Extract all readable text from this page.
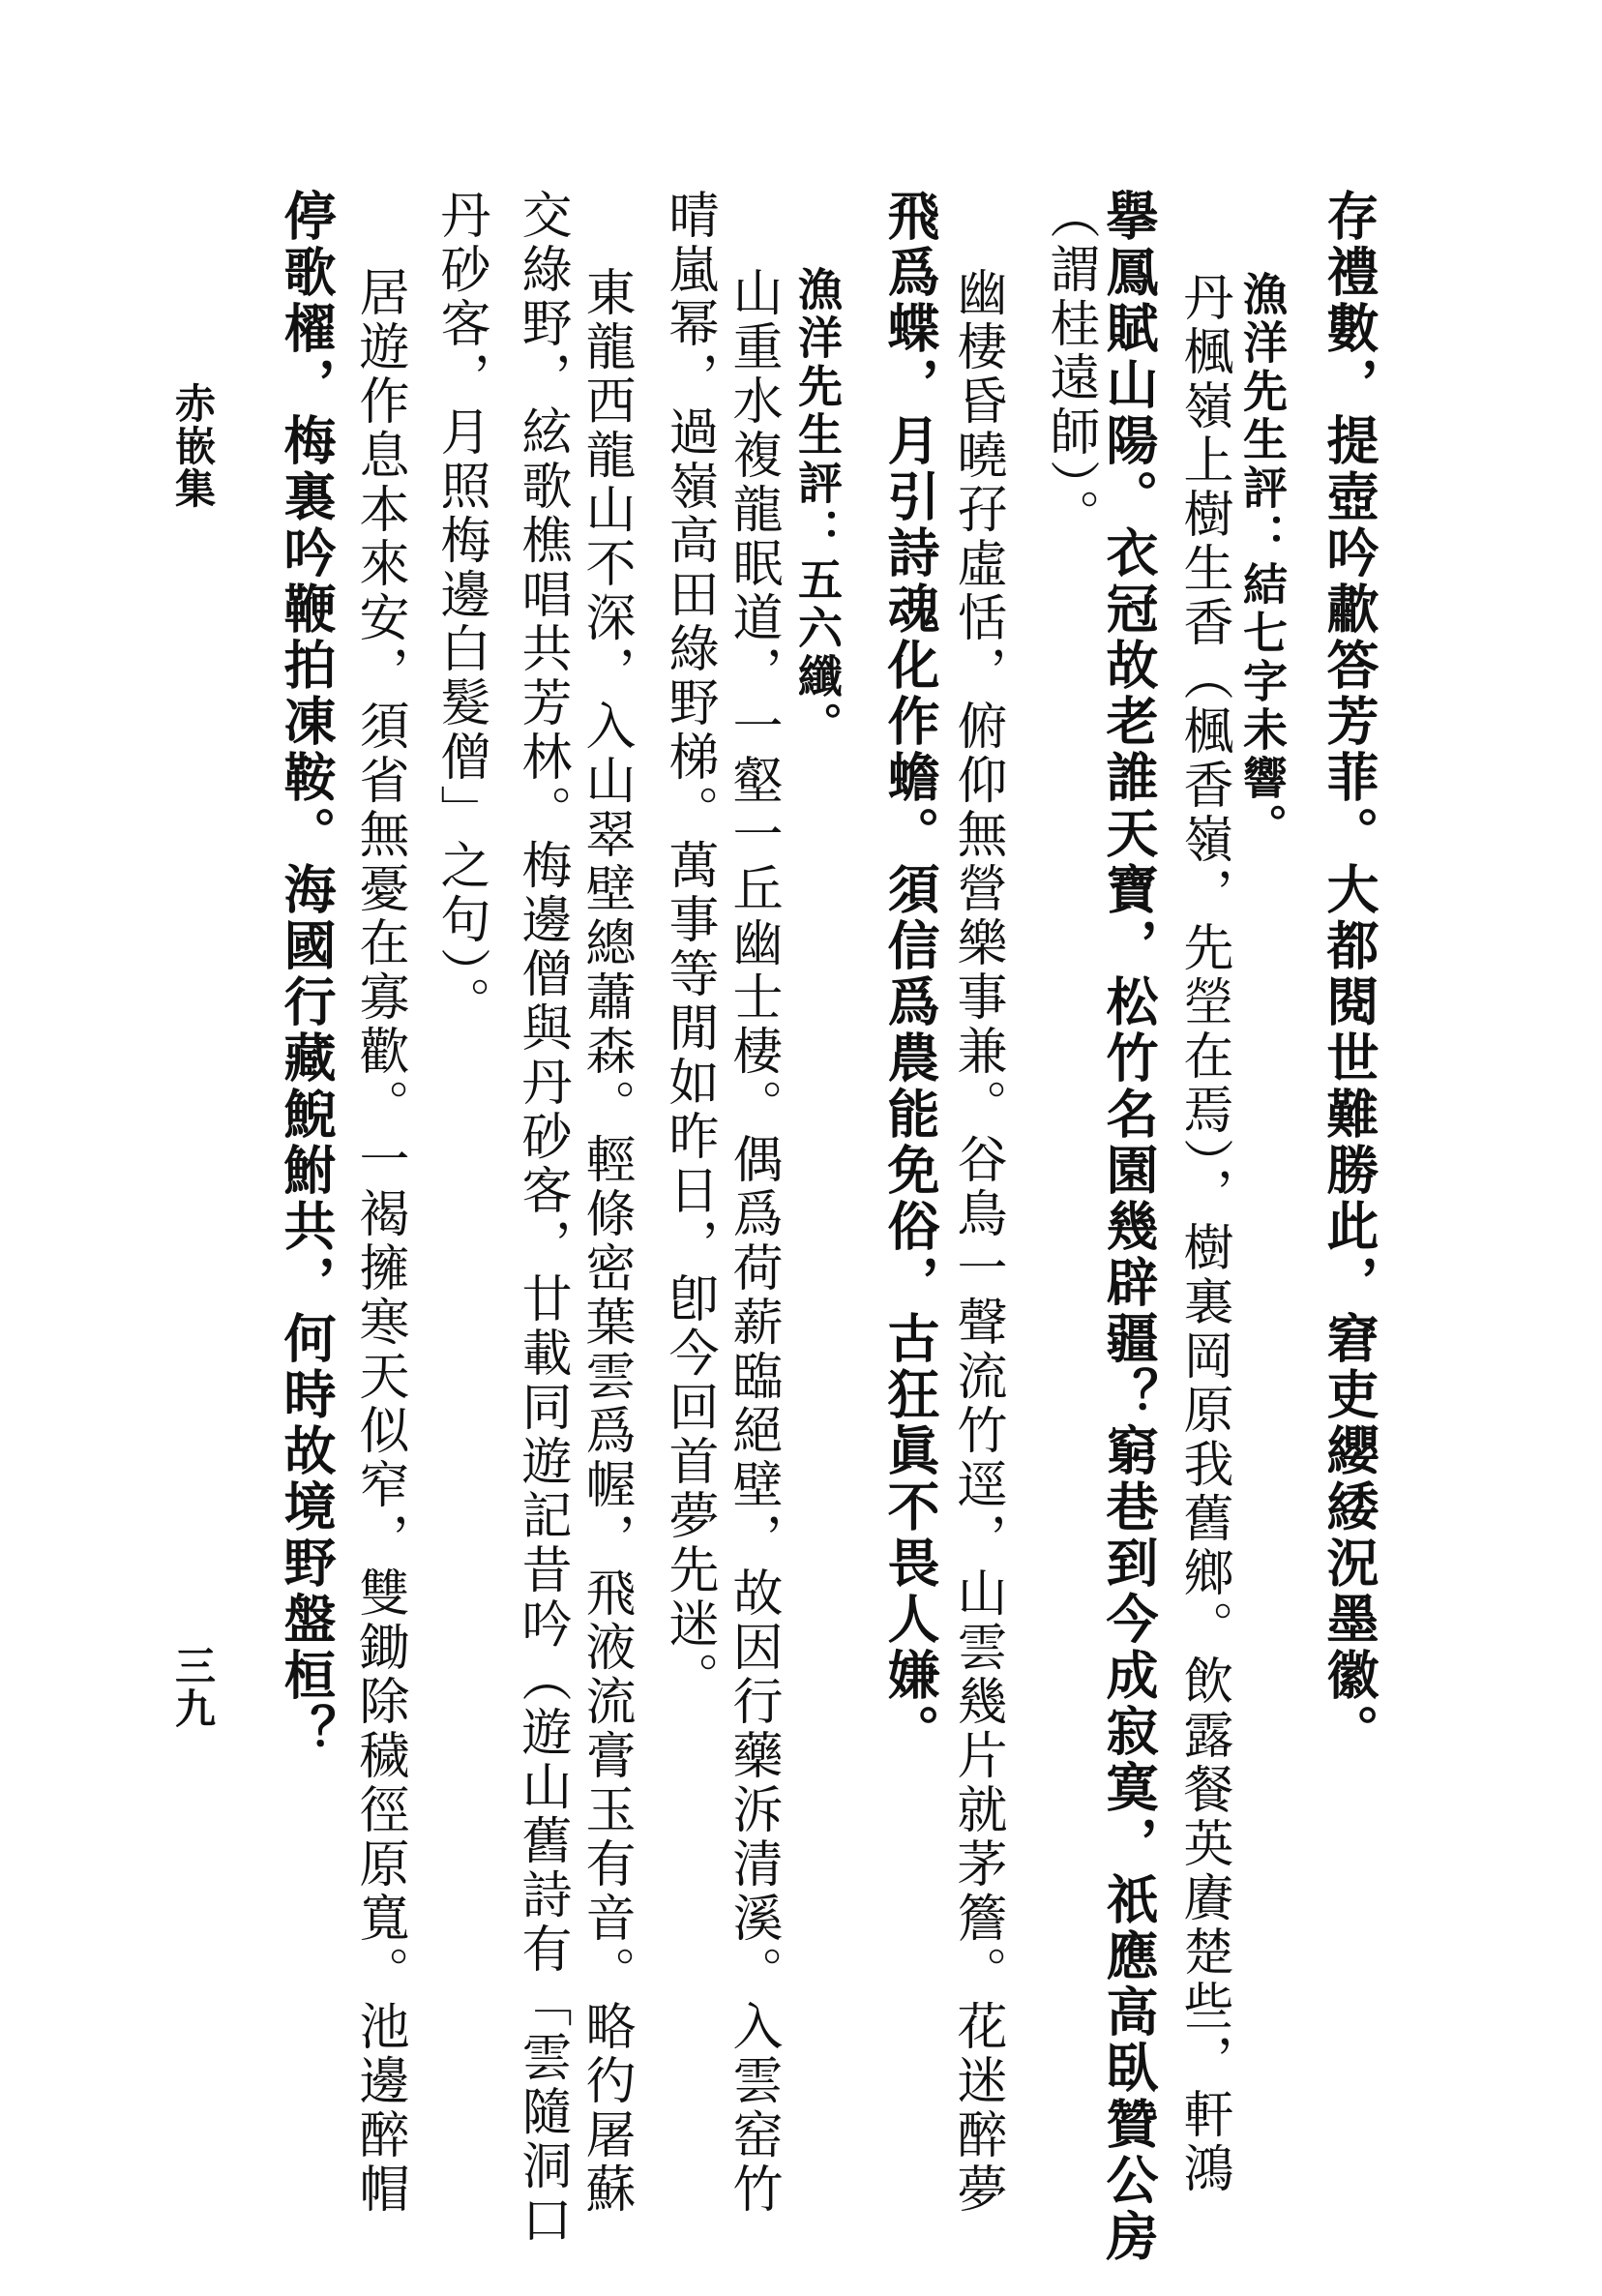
存禮數，提壺吟歗答芳菲。大都閱世難勝此，窘吏纓緌況墨徽。
漁洋先生評：結七字未響。
丹楓嶺上樹生香（楓香嶺，先塋在焉），樹裏岡原我舊鄉。飲露餐英賡楚些，軒鴻
擧鳳賦山陽。衣冠故老誰天寶，松竹名園幾辟疆？窮巷到今成寂寞，祇應高臥贊公房
（謂桂遠師）。
幽棲昏曉孖虛恬，俯仰無營樂事兼。谷鳥一聲流竹逕，山雲幾片就茅簷。花迷醉夢
飛爲蝶，月引詩魂化作蟾。須信爲農能免俗，古狂眞不畏人嫌。
漁洋先生評：五六纖。
山重水複龍眠道，一壑一丘幽士棲。偶爲荷薪臨絕壁，故因行藥泝清溪。入雲窑竹
晴嵐幂，過嶺高田綠野梯。萬事等閒如昨日，卽今回首夢先迷。
東龍西龍山不深，入山翠壁總蕭森。輕條密葉雲爲幄，飛液流膏玉有音。略彴屠蘇
交綠野，絃歌樵唱共芳林。梅邊僧與丹砂客，廿載同遊記昔吟（遊山舊詩有「雲隨洞口
丹砂客，月照梅邊白髮僧」之句）。
居遊作息本來安，須省無憂在寡歡。一褐擁寒天似窄，雙鋤除穢徑原寬。池邊醉帽
停歌櫂，梅裏吟鞭拍凍鞍。海國行藏鯢鮒共，何時故境野盤桓？
赤嵌集
三九
